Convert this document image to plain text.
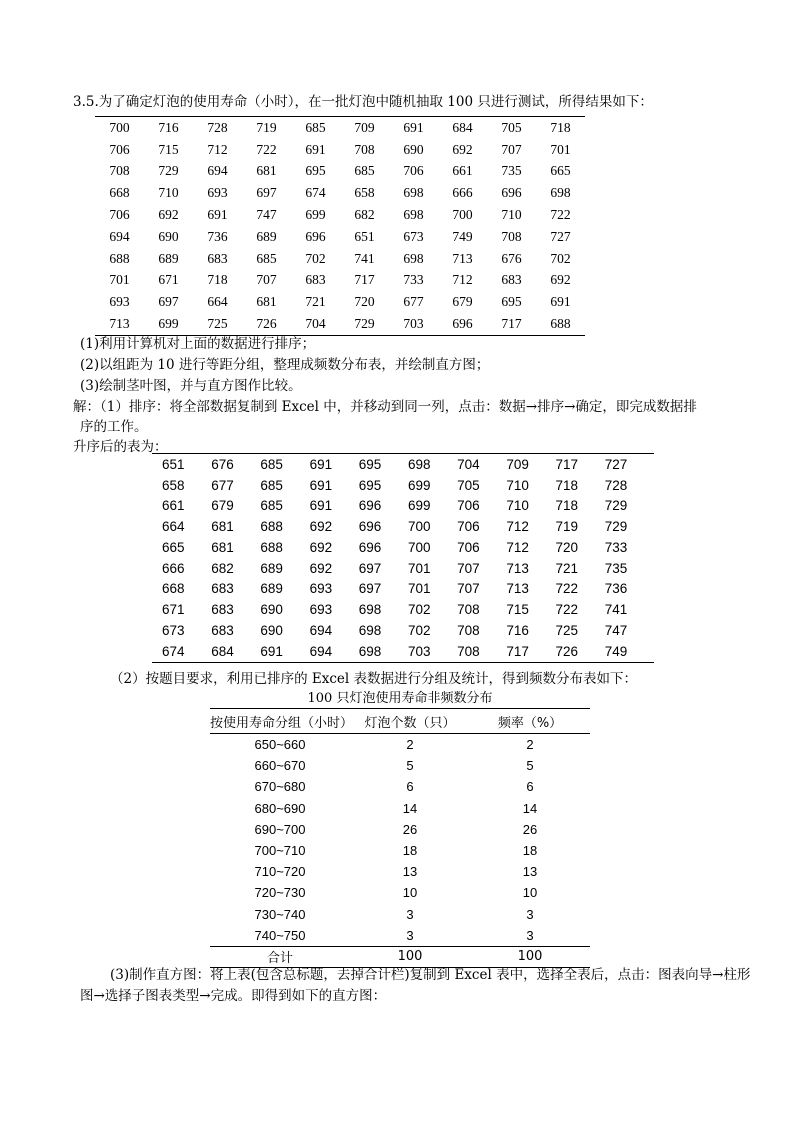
3.5.为了确定灯泡的使用寿命（小时），在一批灯泡中随机抽取 100 只进行测试，所得结果如下：
700	716	728	719	685	709	691	684	705	718
706	715	712	722	691	708	690	692	707	701
708	729	694	681	695	685	706	661	735	665
668	710	693	697	674	658	698	666	696	698
706	692	691	747	699	682	698	700	710	722
694	690	736	689	696	651	673	749	708	727
688	689	683	685	702	741	698	713	676	702
701	671	718	707	683	717	733	712	683	692
693	697	664	681	721	720	677	679	695	691
713	699	725	726	704	729	703	696	717	688
(1)利用计算机对上面的数据进行排序；
(2)以组距为 10 进行等距分组，整理成频数分布表，并绘制直方图；
(3)绘制茎叶图，并与直方图作比较。
解：（1）排序：将全部数据复制到 Excel 中，并移动到同一列，点击：数据→排序→确定，即完成数据排
序的工作。
升序后的表为：
651	676	685	691	695	698	704	709	717	727
658	677	685	691	695	699	705	710	718	728
661	679	685	691	696	699	706	710	718	729
664	681	688	692	696	700	706	712	719	729
665	681	688	692	696	700	706	712	720	733
666	682	689	692	697	701	707	713	721	735
668	683	689	693	697	701	707	713	722	736
671	683	690	693	698	702	708	715	722	741
673	683	690	694	698	702	708	716	725	747
674	684	691	694	698	703	708	717	726	749
（2）按题目要求，利用已排序的 Excel 表数据进行分组及统计，得到频数分布表如下：
100 只灯泡使用寿命非频数分布
按使用寿命分组（小时）	灯泡个数（只）	频率（%）
650~660	2	2
660~670	5	5
670~680	6	6
680~690	14	14
690~700	26	26
700~710	18	18
710~720	13	13
720~730	10	10
730~740	3	3
740~750	3	3
合计	100	100
(3)制作直方图：将上表(包含总标题，去掉合计栏)复制到 Excel 表中，选择全表后，点击：图表向导→柱形
图→选择子图表类型→完成。即得到如下的直方图：
